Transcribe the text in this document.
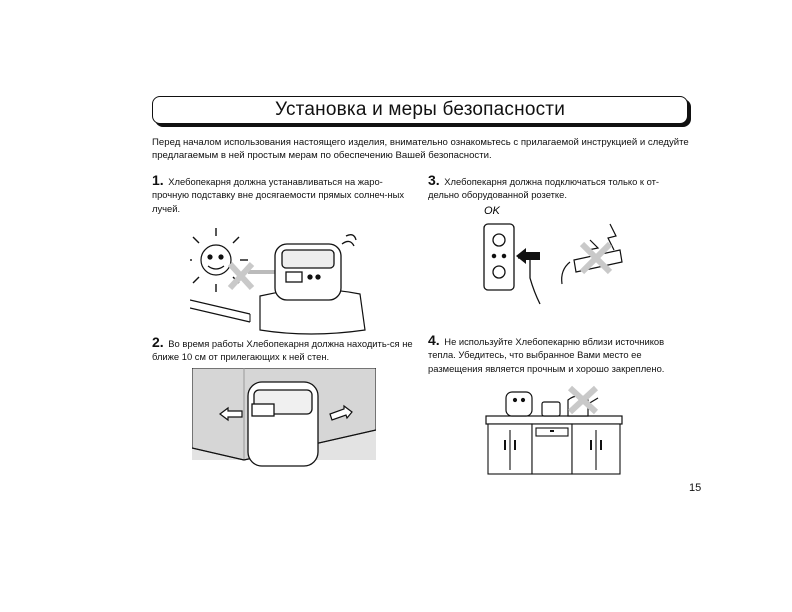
Установка и меры безопасности
Перед началом использования настоящего изделия, внимательно ознакомьтесь с прилагаемой инструкцией и следуйте предлагаемым в ней простым мерам по обеспечению Вашей безопасности.
1. Хлебопекарня должна устанавливаться на жаро-прочную подставку вне досягаемости прямых солнеч-ных лучей.
2. Во время работы Хлебопекарня должна находить-ся не ближе 10 см от прилегающих к ней стен.
3. Хлебопекарня должна подключаться только к от-дельно оборудованной розетке.
OK
4. Не используйте Хлебопекарню вблизи источников тепла. Убедитесь, что выбранное Вами место ее размещения является прочным и хорошо закреплено.
15
